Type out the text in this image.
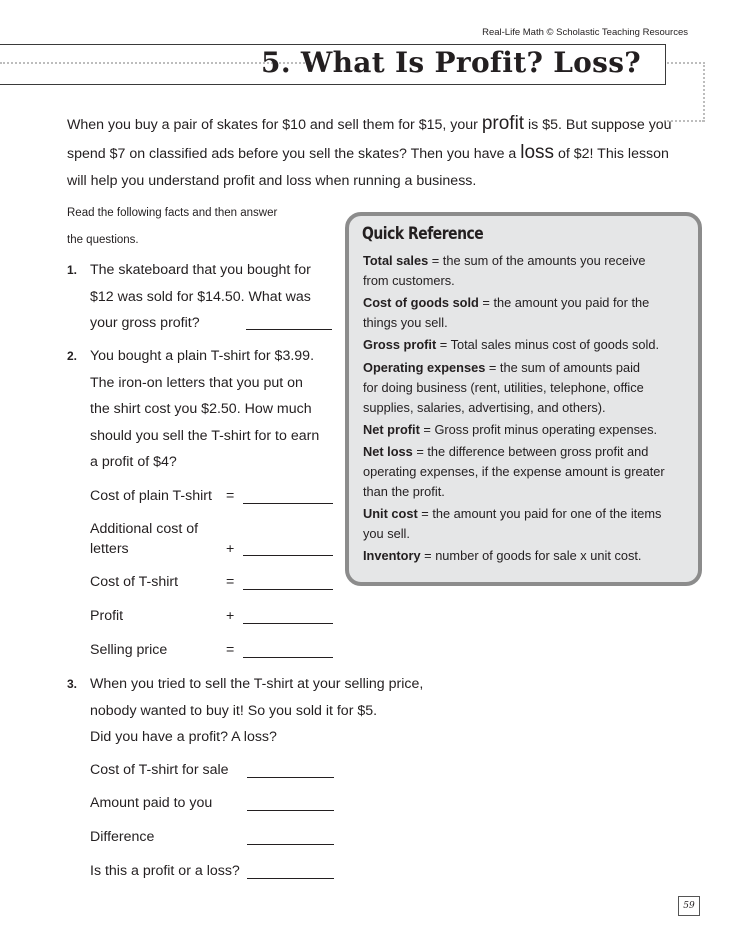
Real-Life Math © Scholastic Teaching Resources
5. What Is Profit? Loss?
When you buy a pair of skates for $10 and sell them for $15, your profit is $5. But suppose you spend $7 on classified ads before you sell the skates? Then you have a loss of $2! This lesson will help you understand profit and loss when running a business.
Read the following facts and then answer
the questions.
1. The skateboard that you bought for
$12 was sold for $14.50. What was
your gross profit?
2. You bought a plain T-shirt for $3.99.
The iron-on letters that you put on
the shirt cost you $2.50. How much
should you sell the T-shirt for to earn
a profit of $4?
Cost of plain T-shirt =
Additional cost of
letters	+
Cost of T-shirt	=
Profit	+
Selling price	=
3. When you tried to sell the T-shirt at your selling price,
nobody wanted to buy it! So you sold it for $5.
Did you have a profit? A loss?
Cost of T-shirt for sale
Amount paid to you
Difference
Is this a profit or a loss?
Quick Reference
Total sales = the sum of the amounts you receive
from customers.
Cost of goods sold = the amount you paid for the
things you sell.
Gross profit = Total sales minus cost of goods sold.
Operating expenses = the sum of amounts paid
for doing business (rent, utilities, telephone, office
supplies, salaries, advertising, and others).
Net profit = Gross profit minus operating expenses.
Net loss = the difference between gross profit and
operating expenses, if the expense amount is greater
than the profit.
Unit cost = the amount you paid for one of the items
you sell.
Inventory = number of goods for sale x unit cost.
59
